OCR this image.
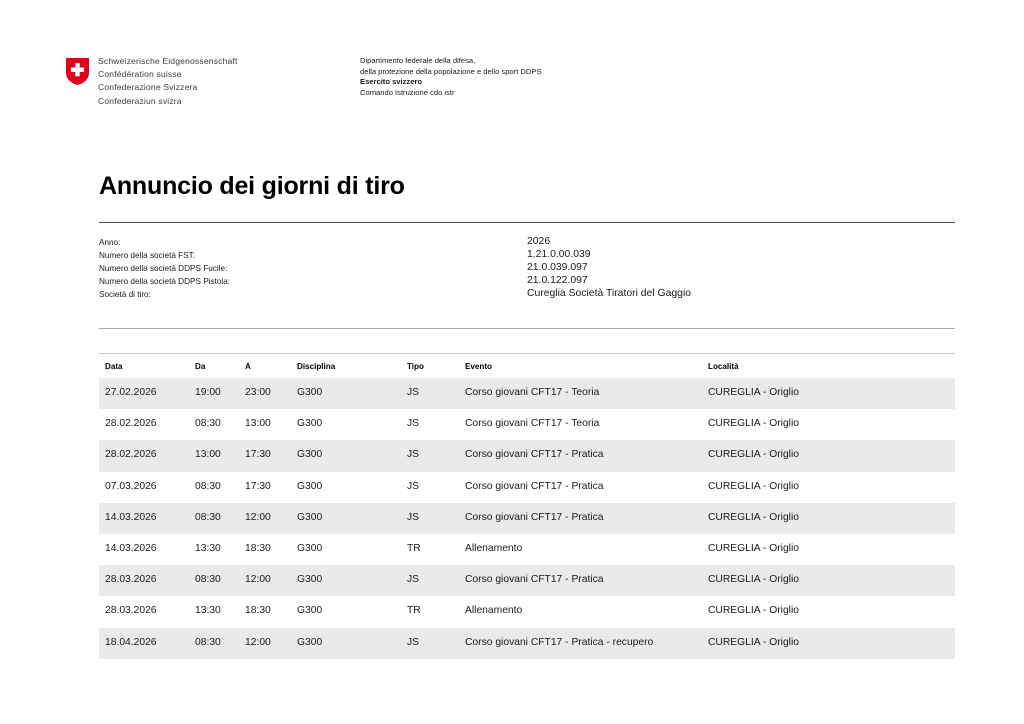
Schweizerische Eidgenossenschaft
Confédération suisse
Confederazione Svizzera
Confederaziun svizra
Dipartimento federale della difesa,
della protezione della popolazione e dello sport DDPS
Esercito svizzero
Comando Istruzione cdo istr
Annuncio dei giorni di tiro
Anno:	2026
Numero della società FST:	1.21.0.00.039
Numero della società DDPS Fucile:	21.0.039.097
Numero della società DDPS Pistola:	21.0.122.097
Società di tiro:	Cureglia Società Tiratori del Gaggio
Data	Da	A	Disciplina	Tipo	Evento	Località
27.02.2026	19:00 23:00	G300	JS	Corso giovani CFT17 - Teoria	CUREGLIA - Origlio
28.02.2026	08:30 13:00	G300	JS	Corso giovani CFT17 - Teoria	CUREGLIA - Origlio
28.02.2026	13:00 17:30	G300	JS	Corso giovani CFT17 - Pratica	CUREGLIA - Origlio
07.03.2026	08:30 17:30	G300	JS	Corso giovani CFT17 - Pratica	CUREGLIA - Origlio
14.03.2026	08:30 12:00	G300	JS	Corso giovani CFT17 - Pratica	CUREGLIA - Origlio
14.03.2026	13:30 18:30	G300	TR	Allenamento	CUREGLIA - Origlio
28.03.2026	08:30 12:00	G300	JS	Corso giovani CFT17 - Pratica	CUREGLIA - Origlio
28.03.2026	13:30 18:30	G300	TR	Allenamento	CUREGLIA - Origlio
18.04.2026	08:30 12:00	G300	JS	Corso giovani CFT17 - Pratica - recupero	CUREGLIA - Origlio
